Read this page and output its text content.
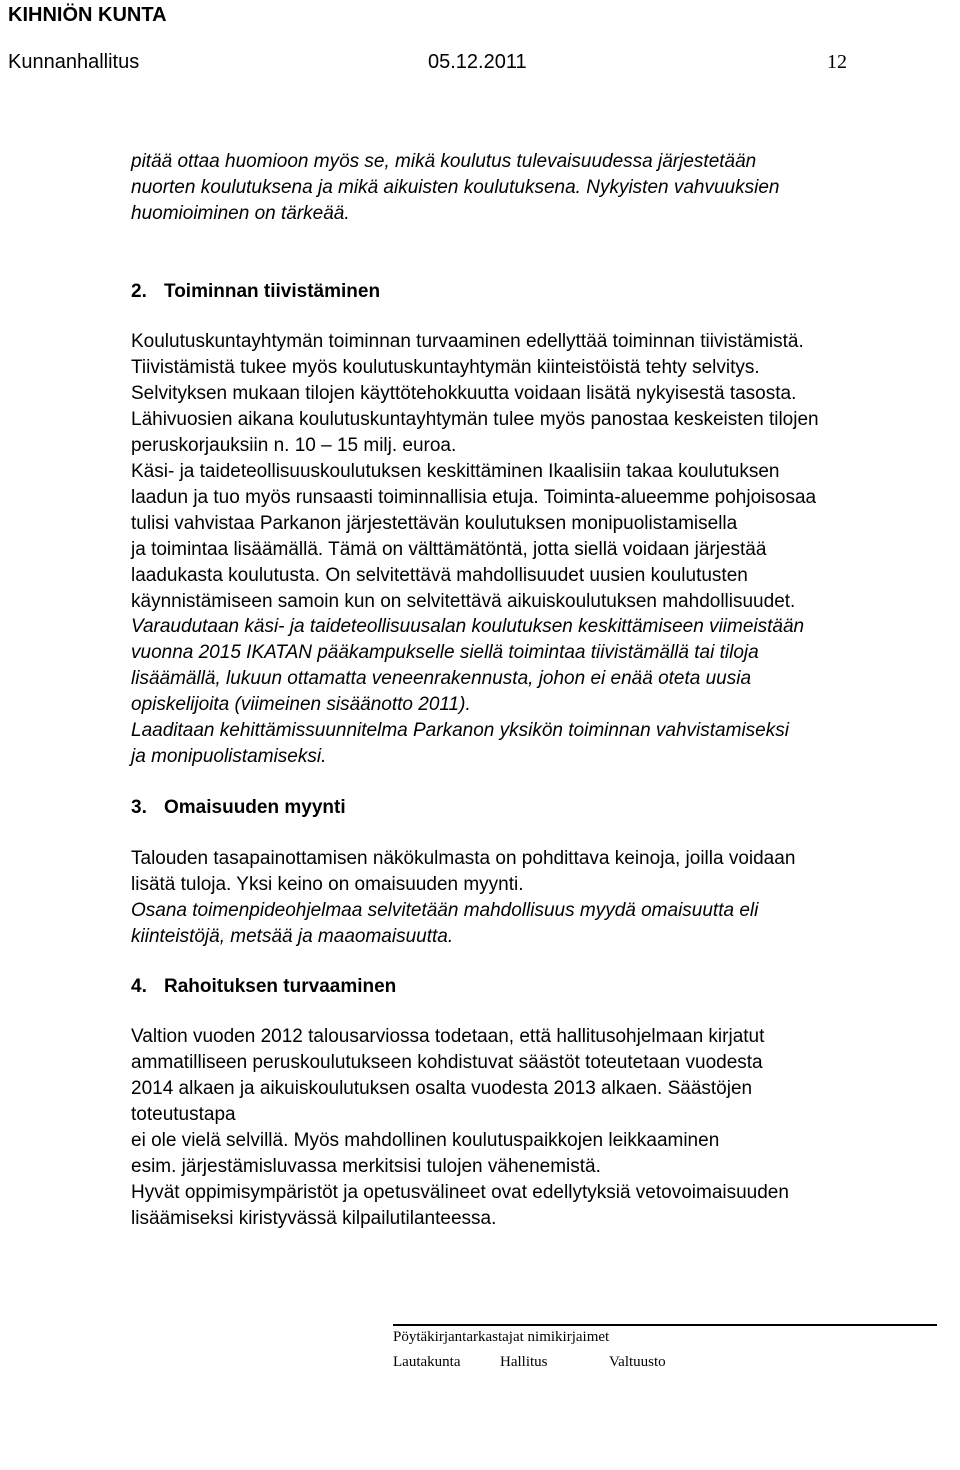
KIHNIÖN KUNTA
Kunnanhallitus	05.12.2011	12
pitää ottaa huomioon myös se, mikä koulutus tulevaisuudessa järjestetään
nuorten koulutuksena ja mikä aikuisten koulutuksena. Nykyisten vahvuuksien
huomioiminen on tärkeää.
2. Toiminnan tiivistäminen
Koulutuskuntayhtymän toiminnan turvaaminen edellyttää toiminnan tiivistämistä.
Tiivistämistä tukee myös koulutuskuntayhtymän kiinteistöistä tehty selvitys.
Selvityksen mukaan tilojen käyttötehokkuutta voidaan lisätä nykyisestä tasosta.
Lähivuosien aikana koulutuskuntayhtymän tulee myös panostaa keskeisten tilojen
peruskorjauksiin n. 10 – 15 milj. euroa.
Käsi- ja taideteollisuuskoulutuksen keskittäminen Ikaalisiin takaa koulutuksen
laadun ja tuo myös runsaasti toiminnallisia etuja. Toiminta-alueemme pohjoisosaa
tulisi vahvistaa Parkanon järjestettävän koulutuksen monipuolistamisella
ja toimintaa lisäämällä. Tämä on välttämätöntä, jotta siellä voidaan järjestää
laadukasta koulutusta. On selvitettävä mahdollisuudet uusien koulutusten
käynnistämiseen samoin kun on selvitettävä aikuiskoulutuksen mahdollisuudet.
Varaudutaan käsi- ja taideteollisuusalan koulutuksen keskittämiseen viimeistään
vuonna 2015 IKATAN pääkampukselle siellä toimintaa tiivistämällä tai tiloja
lisäämällä, lukuun ottamatta veneenrakennusta, johon ei enää oteta uusia
opiskelijoita (viimeinen sisäänotto 2011).
Laaditaan kehittämissuunnitelma Parkanon yksikön toiminnan vahvistamiseksi
ja monipuolistamiseksi.
3. Omaisuuden myynti
Talouden tasapainottamisen näkökulmasta on pohdittava keinoja, joilla voidaan
lisätä tuloja. Yksi keino on omaisuuden myynti.
Osana toimenpideohjelmaa selvitetään mahdollisuus myydä omaisuutta eli
kiinteistöjä, metsää ja maaomaisuutta.
4. Rahoituksen turvaaminen
Valtion vuoden 2012 talousarviossa todetaan, että hallitusohjelmaan kirjatut
ammatilliseen peruskoulutukseen kohdistuvat säästöt toteutetaan vuodesta
2014 alkaen ja aikuiskoulutuksen osalta vuodesta 2013 alkaen. Säästöjen
toteutustapa
ei ole vielä selvillä. Myös mahdollinen koulutuspaikkojen leikkaaminen
esim. järjestämisluvassa merkitsisi tulojen vähenemistä.
Hyvät oppimisympäristöt ja opetusvälineet ovat edellytyksiä vetovoimaisuuden
lisäämiseksi kiristyvässä kilpailutilanteessa.
Pöytäkirjantarkastajat nimikirjaimet
Lautakunta	Hallitus	Valtuusto
